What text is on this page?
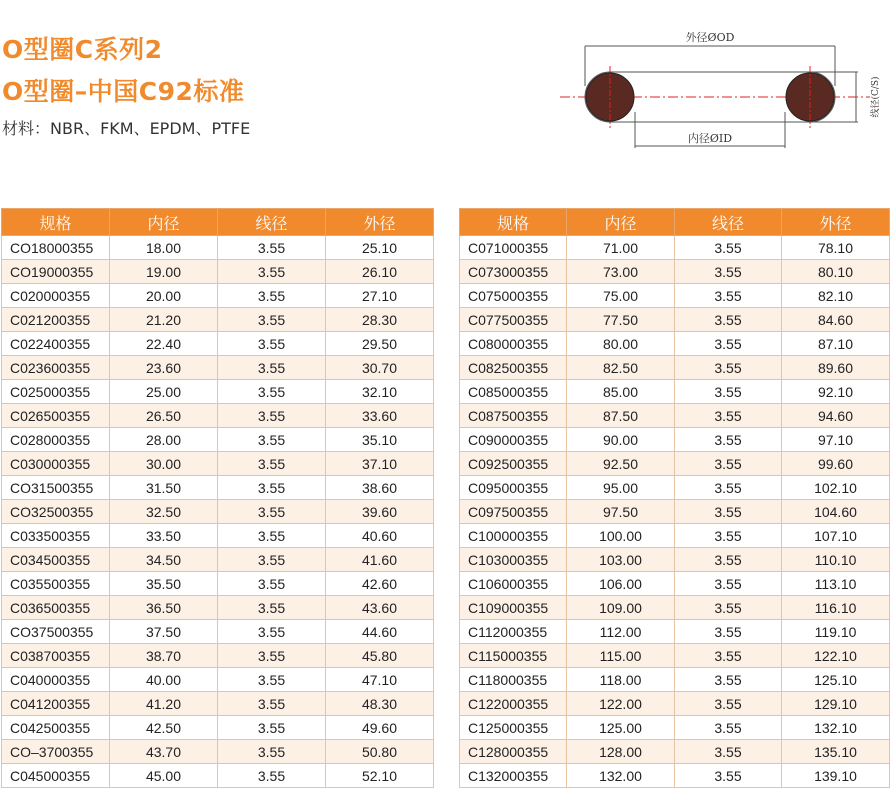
O型圈C系列2
O型圈–中国C92标准
材料：NBR、FKM、EPDM、PTFE
外径ØOD
内径ØID
线径(C/S)
规格	内径	线径	外径
CO18000355	18.00	3.55	25.10
CO19000355	19.00	3.55	26.10
C020000355	20.00	3.55	27.10
C021200355	21.20	3.55	28.30
C022400355	22.40	3.55	29.50
C023600355	23.60	3.55	30.70
C025000355	25.00	3.55	32.10
C026500355	26.50	3.55	33.60
C028000355	28.00	3.55	35.10
C030000355	30.00	3.55	37.10
CO31500355	31.50	3.55	38.60
CO32500355	32.50	3.55	39.60
C033500355	33.50	3.55	40.60
C034500355	34.50	3.55	41.60
C035500355	35.50	3.55	42.60
C036500355	36.50	3.55	43.60
CO37500355	37.50	3.55	44.60
C038700355	38.70	3.55	45.80
C040000355	40.00	3.55	47.10
C041200355	41.20	3.55	48.30
C042500355	42.50	3.55	49.60
CO–3700355	43.70	3.55	50.80
C045000355	45.00	3.55	52.10
规格	内径	线径	外径
C071000355	71.00	3.55	78.10
C073000355	73.00	3.55	80.10
C075000355	75.00	3.55	82.10
C077500355	77.50	3.55	84.60
C080000355	80.00	3.55	87.10
C082500355	82.50	3.55	89.60
C085000355	85.00	3.55	92.10
C087500355	87.50	3.55	94.60
C090000355	90.00	3.55	97.10
C092500355	92.50	3.55	99.60
C095000355	95.00	3.55	102.10
C097500355	97.50	3.55	104.60
C100000355	100.00	3.55	107.10
C103000355	103.00	3.55	110.10
C106000355	106.00	3.55	113.10
C109000355	109.00	3.55	116.10
C112000355	112.00	3.55	119.10
C115000355	115.00	3.55	122.10
C118000355	118.00	3.55	125.10
C122000355	122.00	3.55	129.10
C125000355	125.00	3.55	132.10
C128000355	128.00	3.55	135.10
C132000355	132.00	3.55	139.10
